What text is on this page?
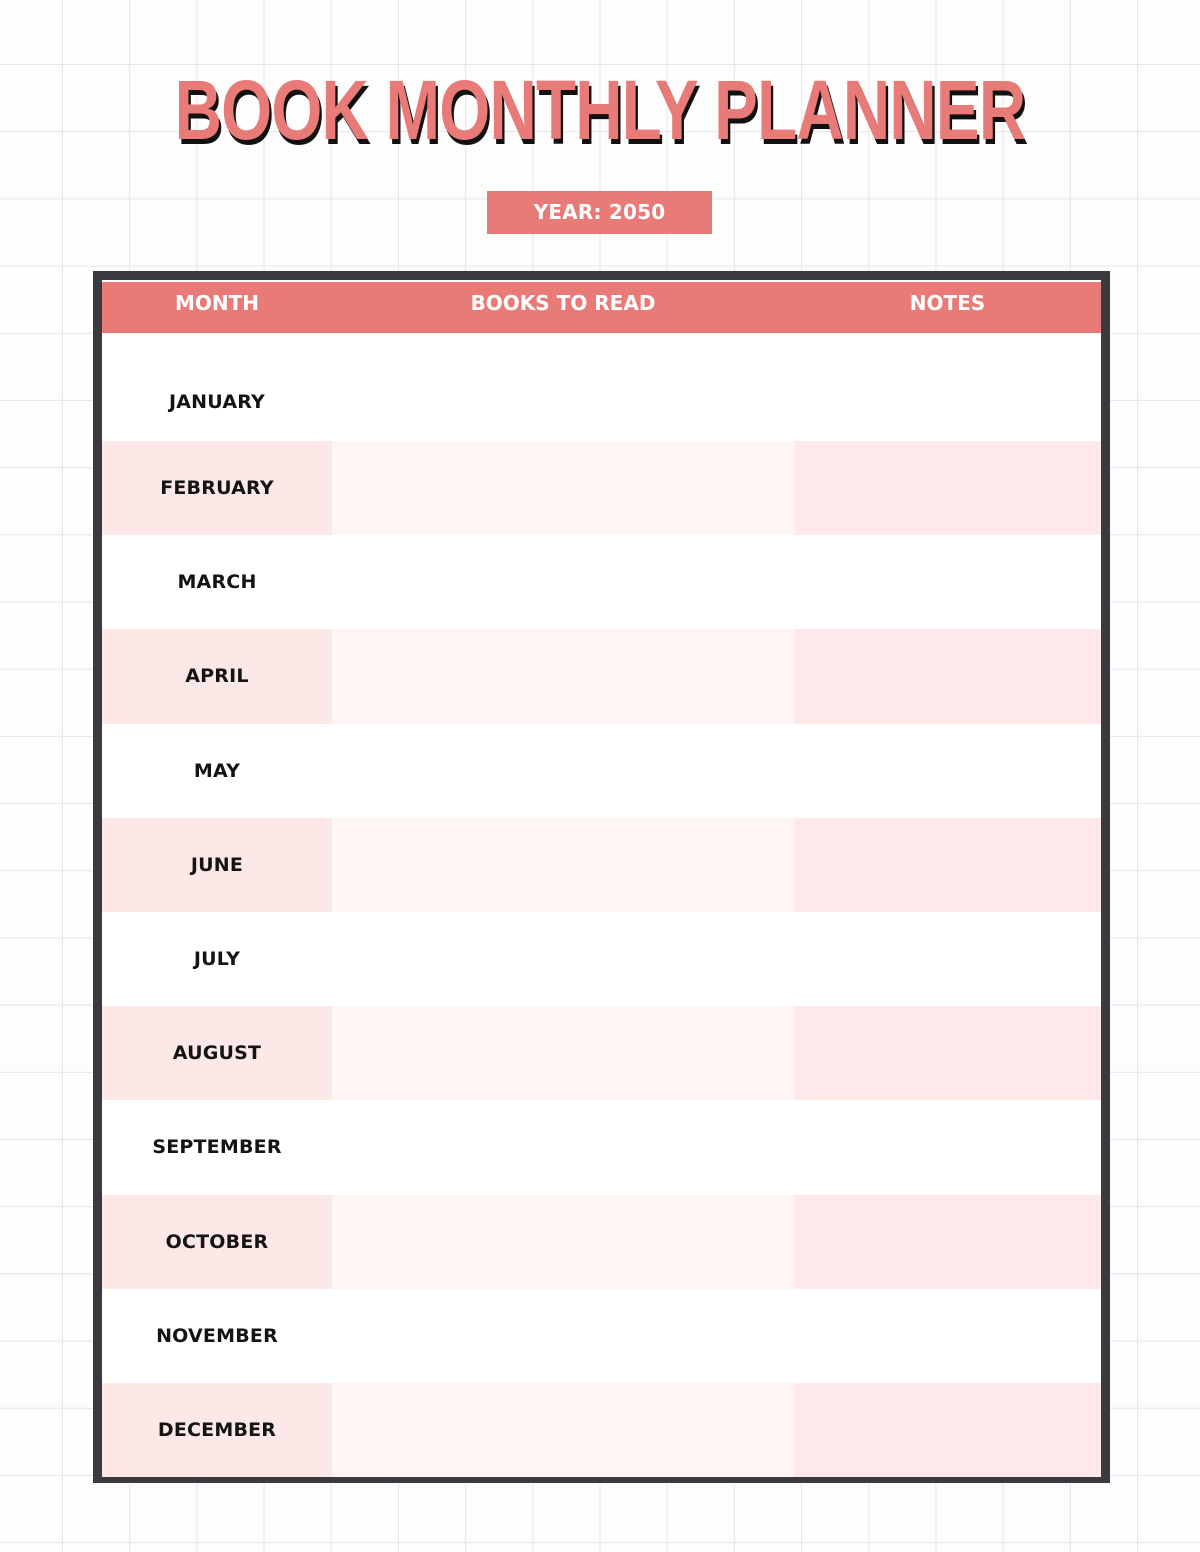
BOOK MONTHLY PLANNER
YEAR: 2050
MONTH	BOOKS TO READ	NOTES
JANUARY
FEBRUARY
MARCH
APRIL
MAY
JUNE
JULY
AUGUST
SEPTEMBER
OCTOBER
NOVEMBER
DECEMBER
